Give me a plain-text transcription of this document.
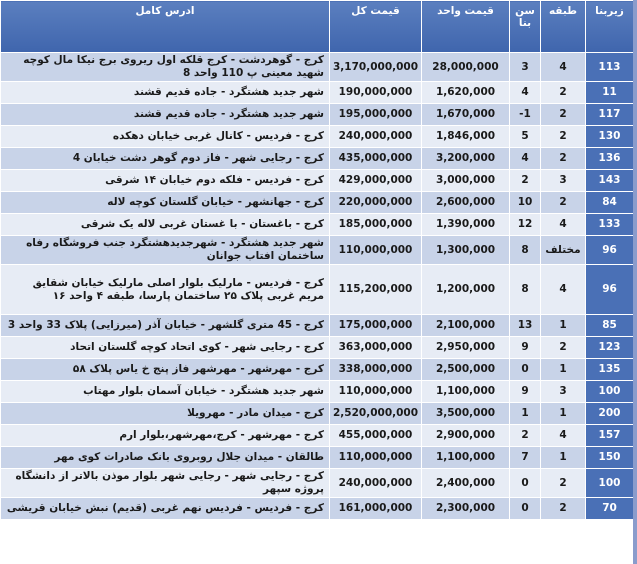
زیربنا	طبقه	سن بنا	قیمت واحد	قیمت کل	ادرس کامل
113	4	3	28,000,000	3,170,000,000	کرج - گوهردشت - کرج قلکه اول ریروی برج نیکا مال کوچه شهید معینی پ 110 واحد 8
11	2	4	1,620,000	190,000,000	شهر جدید هشتگرد - جاده قدیم قشند
117	2	-1	1,670,000	195,000,000	شهر جدید هشتگرد - جاده قدیم قشند
130	2	5	1,846,000	240,000,000	کرج - فردیس - کانال غربی خیابان دهکده
136	2	4	3,200,000	435,000,000	کرج - رجایی شهر - فاز دوم گوهر دشت خیابان 4
143	3	2	3,000,000	429,000,000	کرج - فردیس - فلکه دوم خیابان ۱۴ شرقی
84	2	10	2,600,000	220,000,000	کرج - جهانشهر - خیابان گلستان کوچه لاله
133	4	12	1,390,000	185,000,000	کرج - باغستان - با غستان غربی لاله یک شرقی
96	مختلف	8	1,300,000	110,000,000	شهر جدید هشتگرد - شهرجدیدهشتگرد جنب فروشگاه رفاه ساختمان افتاب جوانان
96	4	8	1,200,000	115,200,000	کرج - فردیس - مارلیک بلوار اصلی مارلیک خیابان شقایق مریم غربی پلاک ۲۵ ساختمان پارسا، طبقه ۴ واحد ۱۶
85	1	13	2,100,000	175,000,000	کرج - 45 متری گلشهر - خیابان آذر (میرزایی) پلاک 33 واحد 3
123	2	9	2,950,000	363,000,000	کرج - رجایی شهر - کوی اتحاد کوچه گلستان اتحاد
135	1	0	2,500,000	338,000,000	کرج - مهرشهر - مهرشهر فاز پنج خ یاس پلاک ۵۸
100	3	9	1,100,000	110,000,000	شهر جدید هشتگرد - خیابان آسمان بلوار مهتاب
200	1	1	3,500,000	2,520,000,000	کرج - میدان مادر - مهرویلا
157	4	2	2,900,000	455,000,000	کرج - مهرشهر - کرج،مهرشهر،بلوار ارم
150	1	7	1,100,000	110,000,000	طالقان - میدان جلال روبروی بانک صادرات کوی مهر
100	2	0	2,400,000	240,000,000	کرج - رجایی شهر - رجایی شهر بلوار موذن بالاتر از دانشگاه پروژه سپهر
70	2	0	2,300,000	161,000,000	کرج - فردیس - فردیس نهم غربی (قدیم) نبش خیابان قریشی
